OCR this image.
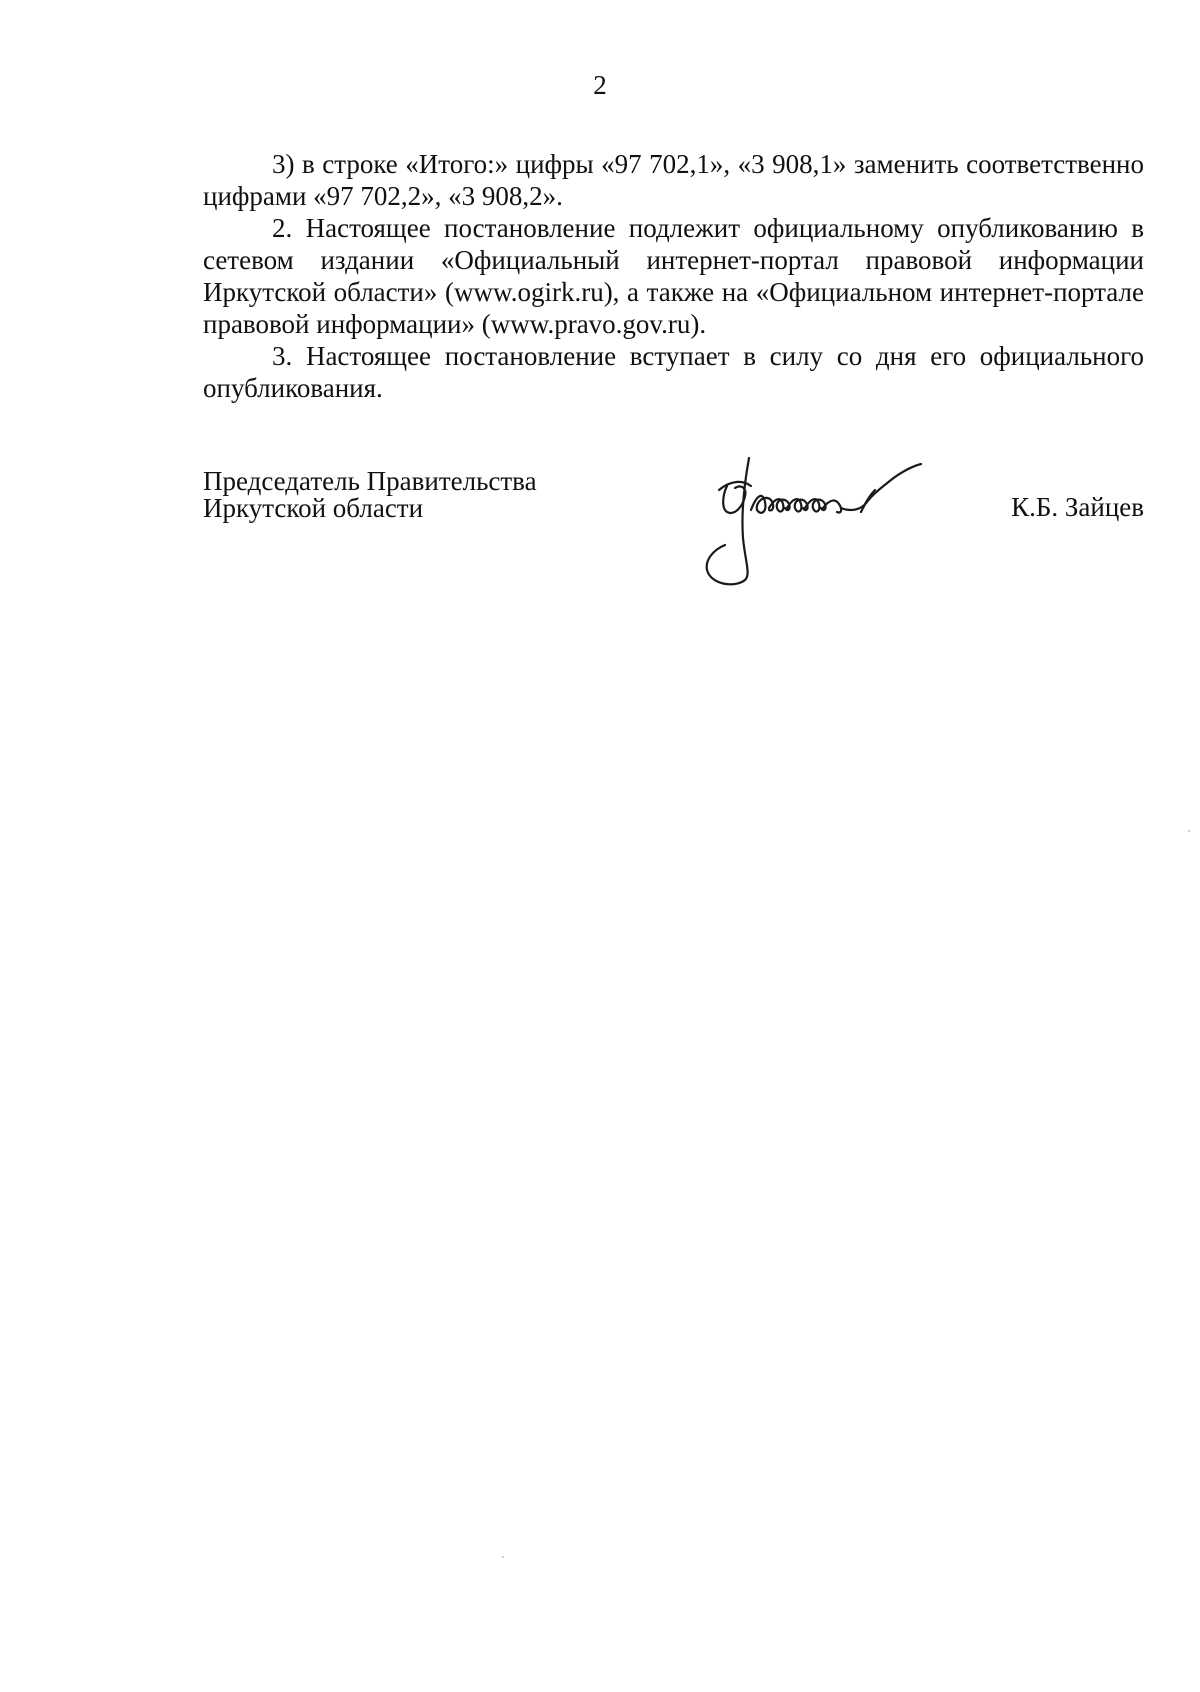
2

3) в строке «Итого:» цифры «97 702,1», «3 908,1» заменить соответственно цифрами «97 702,2», «3 908,2».

2. Настоящее постановление подлежит официальному опубликованию в сетевом издании «Официальный интернет-портал правовой информации Иркутской области» (www.ogirk.ru), а также на «Официальном интернет-портале правовой информации» (www.pravo.gov.ru).

3. Настоящее постановление вступает в силу со дня его официального опубликования.

Председатель Правительства
Иркутской области	К.Б. Зайцев
